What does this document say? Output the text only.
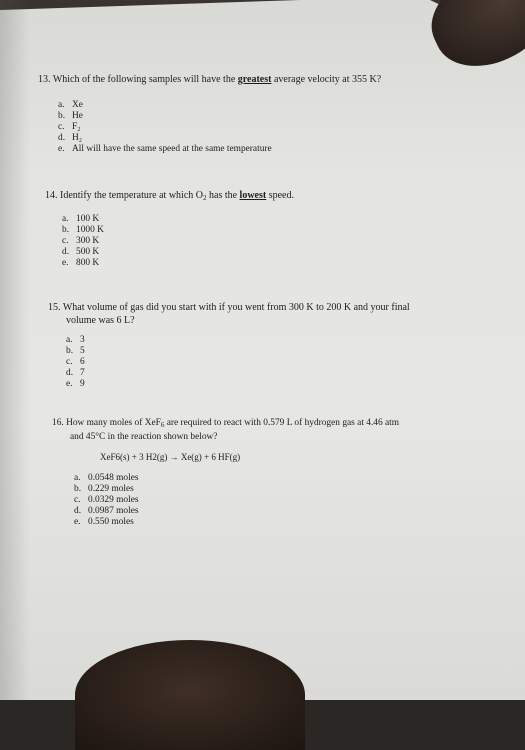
13. Which of the following samples will have the greatest average velocity at 355 K?
a. Xe
b. He
c. F₂
d. H₂
e. All will have the same speed at the same temperature
14. Identify the temperature at which $O_2$ has the lowest speed.
a. 100 K
b. 1000 K
c. 300 K
d. 500 K
e. 800 K
15. What volume of gas did you start with if you went from 300 K to 200 K and your final
volume was 6 L?
a. 3
b. 5
c. 6
d. 7
e. 9
16. How many moles of XeF$_6$ are required to react with 0.579 L of hydrogen gas at 4.46 atm
and 45°C in the reaction shown below?
XeF6(s) + 3 H2(g) → Xe(g) + 6 HF(g)
a. 0.0548 moles
b. 0.229 moles
c. 0.0329 moles
d. 0.0987 moles
e. 0.550 moles
